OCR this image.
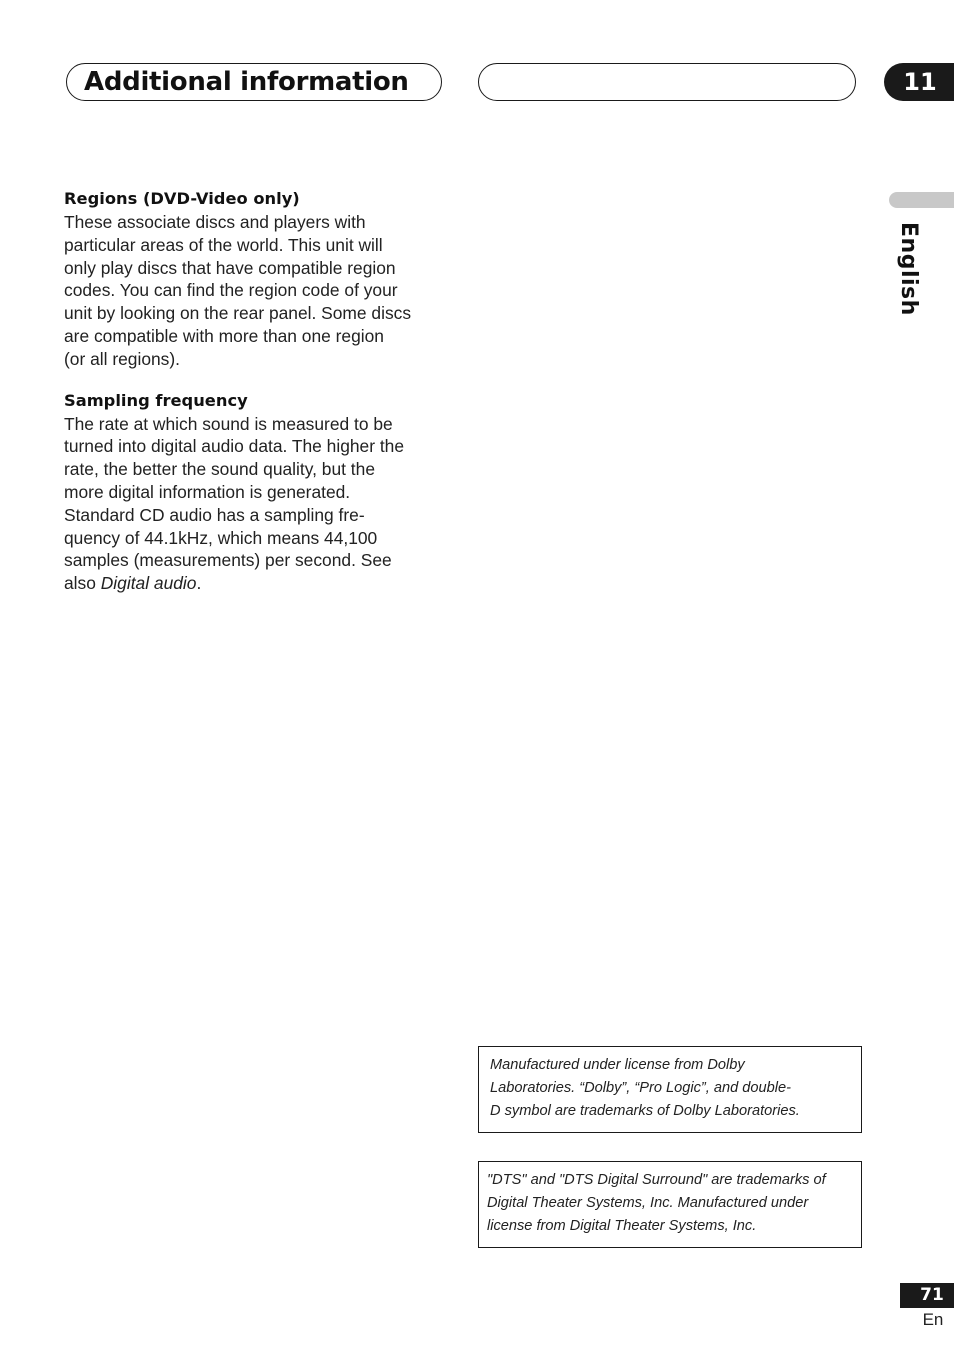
Additional information	11
English
Regions (DVD-Video only)
These associate discs and players with
particular areas of the world. This unit will
only play discs that have compatible region
codes. You can find the region code of your
unit by looking on the rear panel. Some discs
are compatible with more than one region
(or all regions).
Sampling frequency
The rate at which sound is measured to be
turned into digital audio data. The higher the
rate, the better the sound quality, but the
more digital information is generated.
Standard CD audio has a sampling fre-
quency of 44.1kHz, which means 44,100
samples (measurements) per second. See
also Digital audio.
Manufactured under license from Dolby
Laboratories. “Dolby”, “Pro Logic”, and double-
D symbol are trademarks of Dolby Laboratories.
"DTS" and "DTS Digital Surround" are trademarks of
Digital Theater Systems, Inc. Manufactured under
license from Digital Theater Systems, Inc.
71
En
